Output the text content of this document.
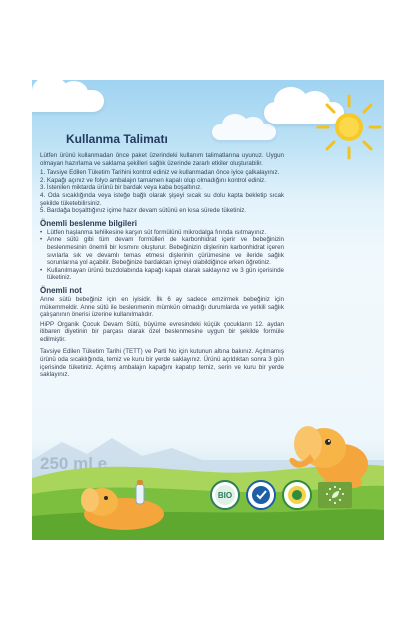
Kullanma Talimatı

Lütfen ürünü kullanmadan önce paket üzerindeki kullanım talimatlarına uyunuz. Uygun olmayan hazırlama ve saklama şekilleri sağlık üzerinde zararlı etkiler oluşturabilir.

1. Tavsiye Edilen Tüketim Tarihini kontrol ediniz ve kullanmadan önce iyice çalkalayınız.
2. Kapağı açınız ve folyo ambalajın tamamen kapalı olup olmadığını kontrol ediniz.
3. İstenilen miktarda ürünü bir bardak veya kaba boşaltınız.
4. Oda sıcaklığında veya isteğe bağlı olarak şişeyi sıcak su dolu kapta bekletip sıcak şekilde tüketebilirsiniz.
5. Bardağa boşalttığınız içime hazır devam sütünü en kısa sürede tüketiniz.
Önemli beslenme bilgileri
• Lütfen haşlanma tehlikesine karşın süt formülünü mikrodalga fırında ısıtmayınız.
• Anne sütü gibi tüm devam formülleri de karbonhidrat içerir ve bebeğinizin beslenmesinin önemli bir kısmını oluşturur. Bebeğinizin dişlerinin karbonhidrat içeren sıvılarla sık ve devamlı temas etmesi dişlerinin çürümesine ve ileride sağlık sorunlarına yol açabilir. Bebeğinize bardaktan içmeyi olabildiğince erken öğretiniz.
• Kullanılmayan ürünü buzdolabında kapağı kapalı olarak saklayınız ve 3 gün içerisinde tüketiniz.
Önemli not

Anne sütü bebeğiniz için en iyisidir. İlk 6 ay sadece emzirmek bebeğiniz için mükemmeldir. Anne sütü ile beslenmenin mümkün olmadığı durumlarda ve yetkili sağlık çalışanının önerisi üzerine kullanılmalıdır.

HiPP Organik Çocuk Devam Sütü, büyüme evresindeki küçük çocukların 12. aydan itibaren diyetinin bir parçası olarak özel beslenmesine uygun bir şekilde formüle edilmiştir.

Tavsiye Edilen Tüketim Tarihi (TETT) ve Parti No için kutunun altına bakınız. Açılmamış ürünü oda sıcaklığında, temiz ve kuru bir yerde saklayınız. Ürünü açıldıktan sonra 3 gün içerisinde tüketiniz. Açılmış ambalajın kapağını kapatıp temiz, serin ve kuru bir yerde saklayınız.

BIO
